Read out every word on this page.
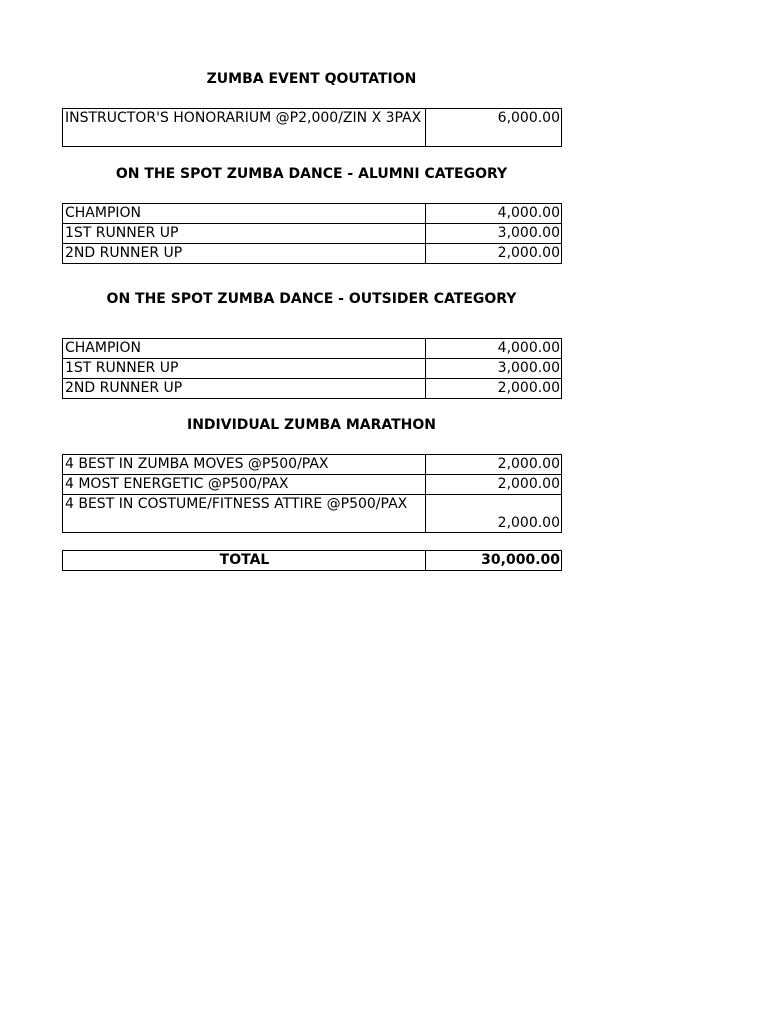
ZUMBA EVENT QOUTATION
INSTRUCTOR'S HONORARIUM @P2,000/ZIN X 3PAX	6,000.00
ON THE SPOT ZUMBA DANCE - ALUMNI CATEGORY
CHAMPION	4,000.00
1ST RUNNER UP	3,000.00
2ND RUNNER UP	2,000.00
ON THE SPOT ZUMBA DANCE - OUTSIDER CATEGORY
CHAMPION	4,000.00
1ST RUNNER UP	3,000.00
2ND RUNNER UP	2,000.00
INDIVIDUAL ZUMBA MARATHON
4 BEST IN ZUMBA MOVES @P500/PAX	2,000.00
4 MOST ENERGETIC @P500/PAX	2,000.00
4 BEST IN COSTUME/FITNESS ATTIRE @P500/PAX	2,000.00
TOTAL	30,000.00
